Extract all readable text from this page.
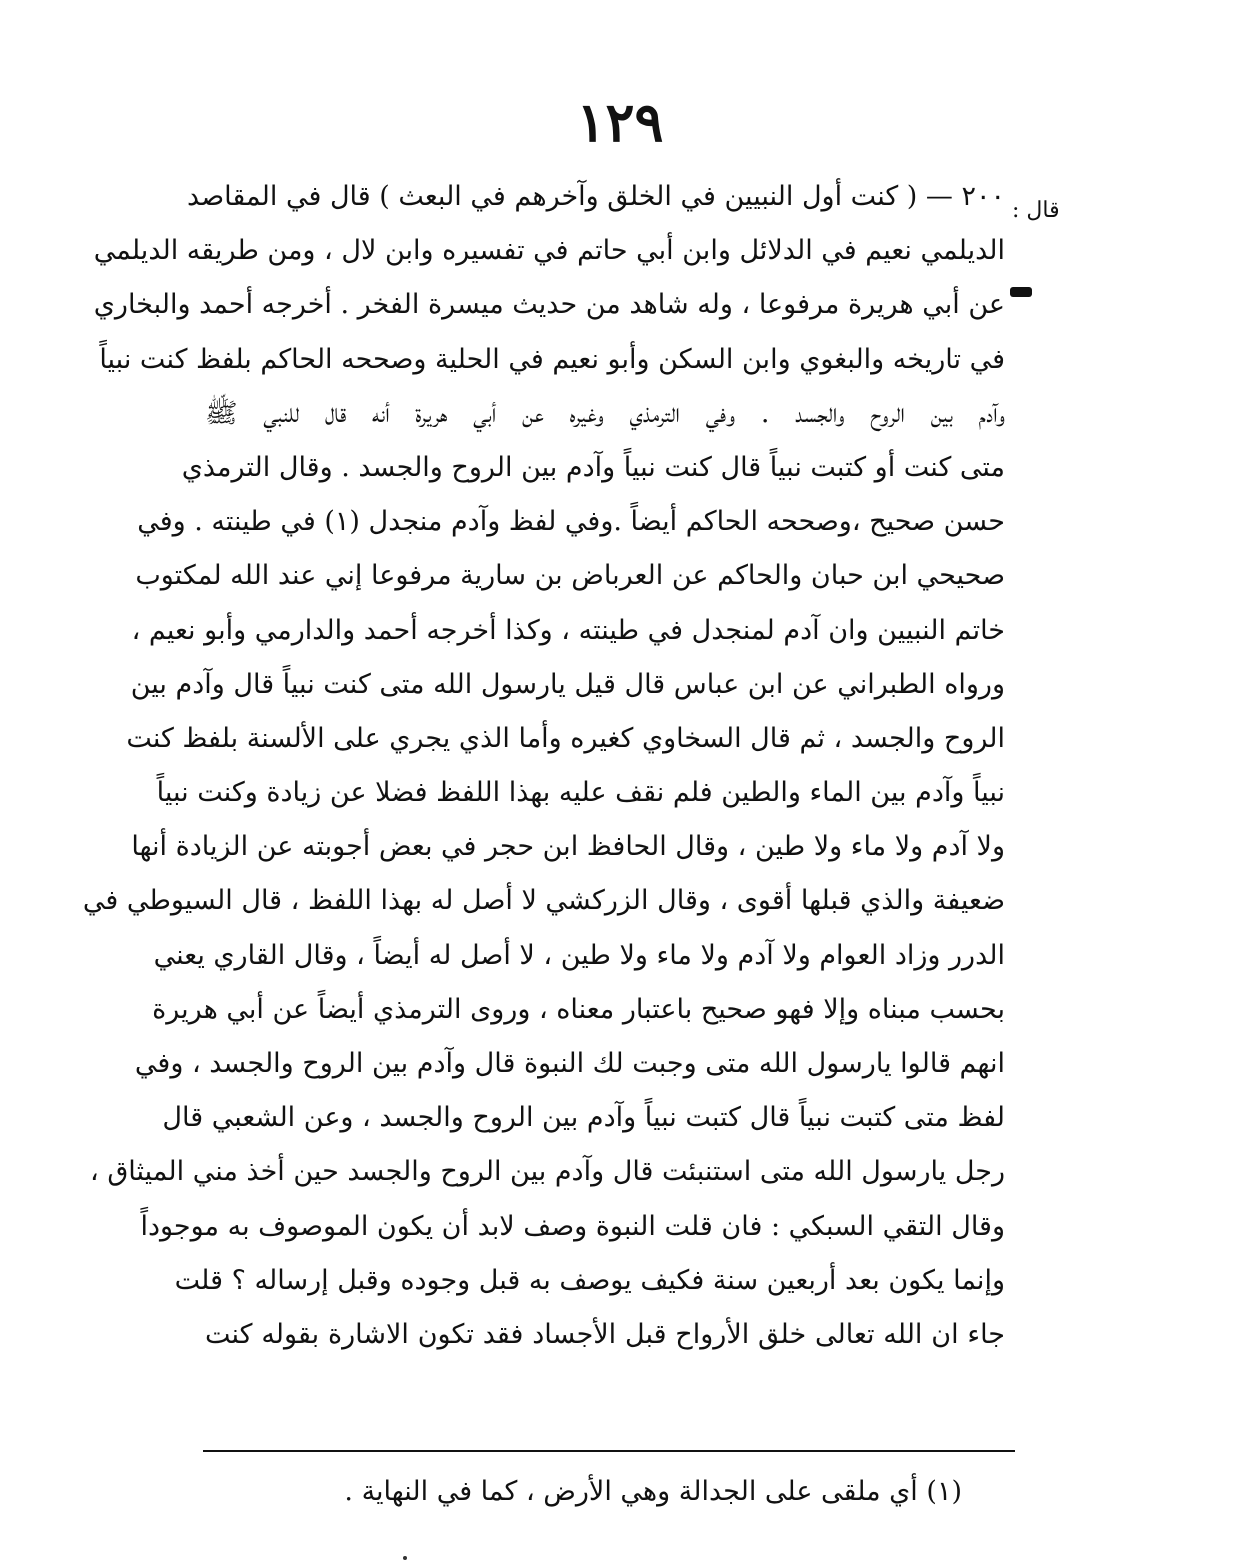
١٢٩
قال :
٢٠٠ — ( كنت أول النبيين في الخلق وآخرهم في البعث ) قال في المقاصد
الديلمي نعيم في الدلائل وابن أبي حاتم في تفسيره وابن لال ، ومن طريقه الديلمي
عن أبي هريرة مرفوعا ، وله شاهد من حديث ميسرة الفخر . أخرجه أحمد والبخاري
في تاريخه والبغوي وابن السكن وأبو نعيم في الحلية وصححه الحاكم بلفظ كنت نبياً
وآدم بين الروح والجسد . وفي الترمذي وغيره عن أبي هريرة أنه قال للنبي ﷺ
متى كنت أو كتبت نبياً قال كنت نبياً وآدم بين الروح والجسد . وقال الترمذي
حسن صحيح ،وصححه الحاكم أيضاً .وفي لفظ وآدم منجدل (١) في طينته . وفي
صحيحي ابن حبان والحاكم عن العرباض بن سارية مرفوعا إني عند الله لمكتوب
خاتم النبيين وان آدم لمنجدل في طينته ، وكذا أخرجه أحمد والدارمي وأبو نعيم ،
ورواه الطبراني عن ابن عباس قال قيل يارسول الله متى كنت نبياً قال وآدم بين
الروح والجسد ، ثم قال السخاوي كغيره وأما الذي يجري على الألسنة بلفظ كنت
نبياً وآدم بين الماء والطين فلم نقف عليه بهذا اللفظ فضلا عن زيادة وكنت نبياً
ولا آدم ولا ماء ولا طين ، وقال الحافظ ابن حجر في بعض أجوبته عن الزيادة أنها
ضعيفة والذي قبلها أقوى ، وقال الزركشي لا أصل له بهذا اللفظ ، قال السيوطي في
الدرر وزاد العوام ولا آدم ولا ماء ولا طين ، لا أصل له أيضاً ، وقال القاري يعني
بحسب مبناه وإلا فهو صحيح باعتبار معناه ، وروى الترمذي أيضاً عن أبي هريرة
انهم قالوا يارسول الله متى وجبت لك النبوة قال وآدم بين الروح والجسد ، وفي
لفظ متى كتبت نبياً قال كتبت نبياً وآدم بين الروح والجسد ، وعن الشعبي قال
رجل يارسول الله متى استنبئت قال وآدم بين الروح والجسد حين أخذ مني الميثاق ،
وقال التقي السبكي : فان قلت النبوة وصف لابد أن يكون الموصوف به موجوداً
وإنما يكون بعد أربعين سنة فكيف يوصف به قبل وجوده وقبل إرساله ؟ قلت
جاء ان الله تعالى خلق الأرواح قبل الأجساد فقد تكون الاشارة بقوله كنت
(١) أي ملقى على الجدالة وهي الأرض ، كما في النهاية .
